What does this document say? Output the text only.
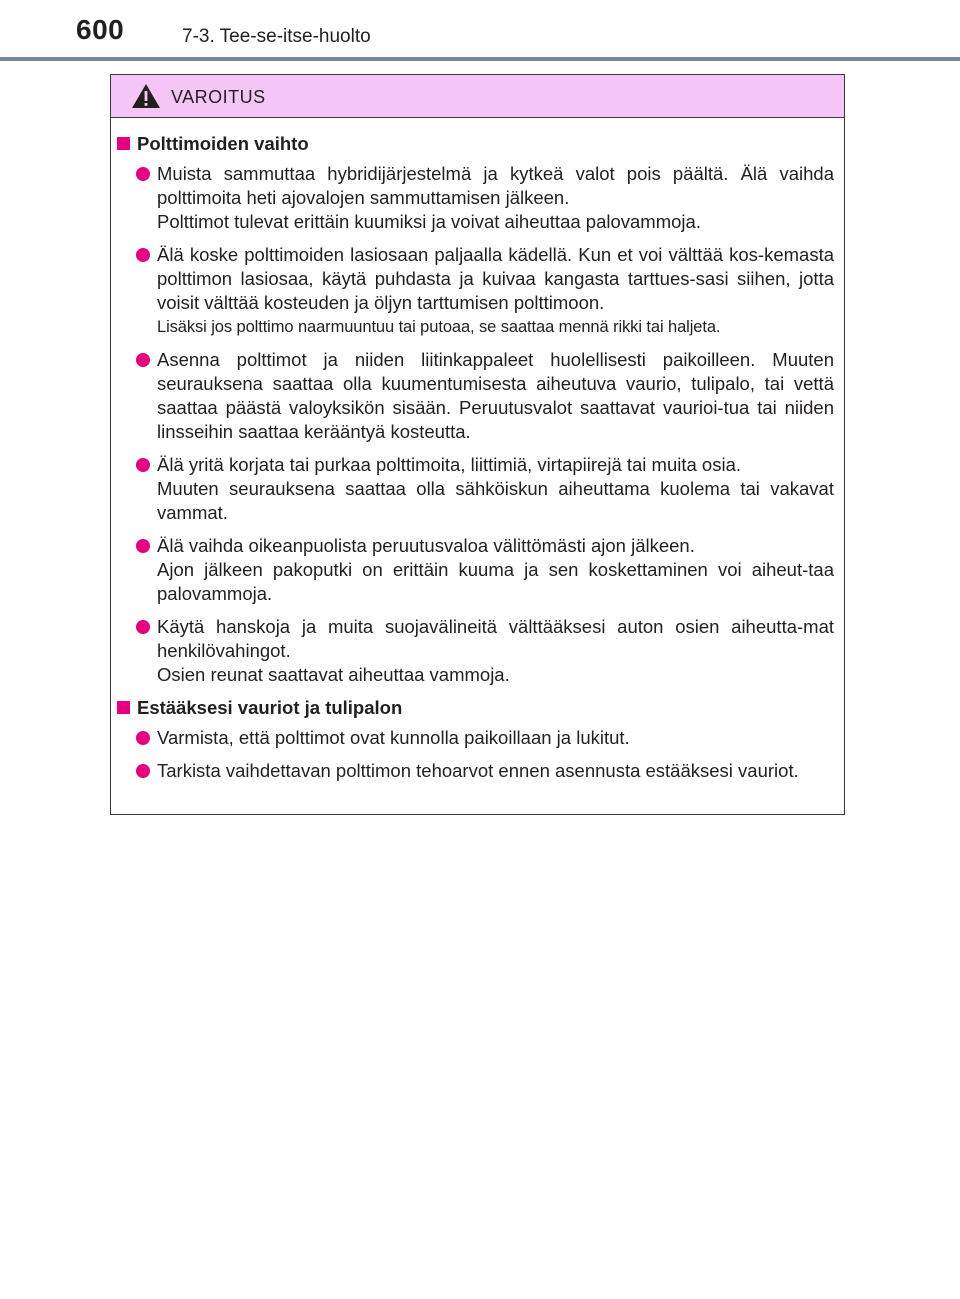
600	7-3. Tee-se-itse-huolto
VAROITUS
Polttimoiden vaihto

Muista sammuttaa hybridijärjestelmä ja kytkeä valot pois päältä. Älä vaihda polttimoita heti ajovalojen sammuttamisen jälkeen.

Polttimot tulevat erittäin kuumiksi ja voivat aiheuttaa palovammoja.

Älä koske polttimoiden lasiosaan paljaalla kädellä. Kun et voi välttää kos-kemasta polttimon lasiosaa, käytä puhdasta ja kuivaa kangasta tarttues-sasi siihen, jotta voisit välttää kosteuden ja öljyn tarttumisen polttimoon.

Lisäksi jos polttimo naarmuuntuu tai putoaa, se saattaa mennä rikki tai haljeta.

Asenna polttimot ja niiden liitinkappaleet huolellisesti paikoilleen. Muuten seurauksena saattaa olla kuumentumisesta aiheutuva vaurio, tulipalo, tai vettä saattaa päästä valoyksikön sisään. Peruutusvalot saattavat vaurioi-tua tai niiden linsseihin saattaa kerääntyä kosteutta.

Älä yritä korjata tai purkaa polttimoita, liittimiä, virtapiirejä tai muita osia.

Muuten seurauksena saattaa olla sähköiskun aiheuttama kuolema tai vakavat vammat.

Älä vaihda oikeanpuolista peruutusvaloa välittömästi ajon jälkeen.

Ajon jälkeen pakoputki on erittäin kuuma ja sen koskettaminen voi aiheut-taa palovammoja.

Käytä hanskoja ja muita suojavälineitä välttääksesi auton osien aiheutta-mat henkilövahingot.

Osien reunat saattavat aiheuttaa vammoja.

Estääksesi vauriot ja tulipalon

Varmista, että polttimot ovat kunnolla paikoillaan ja lukitut.

Tarkista vaihdettavan polttimon tehoarvot ennen asennusta estääksesi vauriot.
